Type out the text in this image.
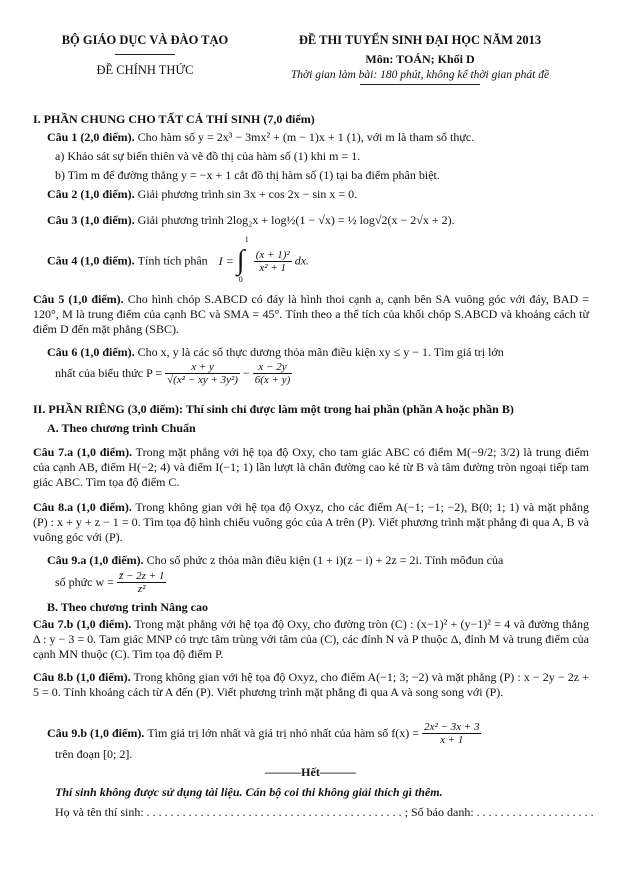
BỘ GIÁO DỤC VÀ ĐÀO TẠO
ĐỀ CHÍNH THỨC
ĐỀ THI TUYỂN SINH ĐẠI HỌC NĂM 2013
Môn: TOÁN; Khối D
Thời gian làm bài: 180 phút, không kể thời gian phát đề
I. PHẦN CHUNG CHO TẤT CẢ THÍ SINH (7,0 điểm)
Câu 1 (2,0 điểm). Cho hàm số y = 2x³ − 3mx² + (m − 1)x + 1 (1), với m là tham số thực.
a) Khảo sát sự biến thiên và vẽ đồ thị của hàm số (1) khi m = 1.
b) Tìm m để đường thẳng y = −x + 1 cắt đồ thị hàm số (1) tại ba điểm phân biệt.
Câu 2 (1,0 điểm). Giải phương trình sin 3x + cos 2x − sin x = 0.
Câu 3 (1,0 điểm). Giải phương trình 2log₂x + log½(1 − √x) = ½ log√2(x − 2√x + 2).
Câu 4 (1,0 điểm). Tính tích phân I = ∫
1
0

$\frac{\text{(x + 1)²}}{\text{x² + 1}}$ dx.
Câu 5 (1,0 điểm). Cho hình chóp S.ABCD có đáy là hình thoi cạnh a, cạnh bên SA vuông góc với đáy, BAD = 120°, M là trung điểm của cạnh BC và SMA = 45°. Tính theo a thể tích của khối chóp S.ABCD và khoảng cách từ điểm D đến mặt phẳng (SBC).
Câu 6 (1,0 điểm). Cho x, y là các số thực dương thỏa mãn điều kiện xy ≤ y − 1. Tìm giá trị lớn
nhất của biểu thức $P = \frac{x + y}{\text{√(x² − xy + 3y²)}} - \frac{x - 2y}{6(x + y)}$
II. PHẦN RIÊNG (3,0 điểm): Thí sinh chỉ được làm một trong hai phần (phần A hoặc phần B)
A. Theo chương trình Chuẩn
Câu 7.a (1,0 điểm). Trong mặt phẳng với hệ tọa độ Oxy, cho tam giác ABC có điểm M(−9/2; 3/2) là trung điểm của cạnh AB, điểm H(−2; 4) và điểm I(−1; 1) lần lượt là chân đường cao kẻ từ B và tâm đường tròn ngoại tiếp tam giác ABC. Tìm tọa độ điểm C.
Câu 8.a (1,0 điểm). Trong không gian với hệ tọa độ Oxyz, cho các điểm A(−1; −1; −2), B(0; 1; 1) và mặt phẳng (P) : x + y + z − 1 = 0. Tìm tọa độ hình chiếu vuông góc của A trên (P). Viết phương trình mặt phẳng đi qua A, B và vuông góc với (P).
Câu 9.a (1,0 điểm). Cho số phức z thỏa mãn điều kiện (1 + i)(z − i) + 2z = 2i. Tính môđun của
số phức $w = \frac{z̄ - 2z + 1}{\text{z²}}$
B. Theo chương trình Nâng cao
Câu 7.b (1,0 điểm). Trong mặt phẳng với hệ tọa độ Oxy, cho đường tròn (C) : (x−1)² + (y−1)² = 4 và đường thẳng Δ : y − 3 = 0. Tam giác MNP có trực tâm trùng với tâm của (C), các đỉnh N và P thuộc Δ, đỉnh M và trung điểm của cạnh MN thuộc (C). Tìm tọa độ điểm P.
Câu 8.b (1,0 điểm). Trong không gian với hệ tọa độ Oxyz, cho điểm A(−1; 3; −2) và mặt phẳng (P) : x − 2y − 2z + 5 = 0. Tính khoảng cách từ A đến (P). Viết phương trình mặt phẳng đi qua A và song song với (P).
Câu 9.b (1,0 điểm). Tìm giá trị lớn nhất và giá trị nhỏ nhất của hàm số $f(x) = \frac{\text{2x² − 3x + 3}}{x + 1}$
trên đoạn [0; 2].
———Hết———
Thí sinh không được sử dụng tài liệu. Cán bộ coi thi không giải thích gì thêm.
Họ và tên thí sinh: . . . . . . . . . . . . . . . . . . . . . . . . . . . . . . . . . . . . . . . . . . . ; Số báo danh: . . . . . . . . . . . . . . . . . . . .
